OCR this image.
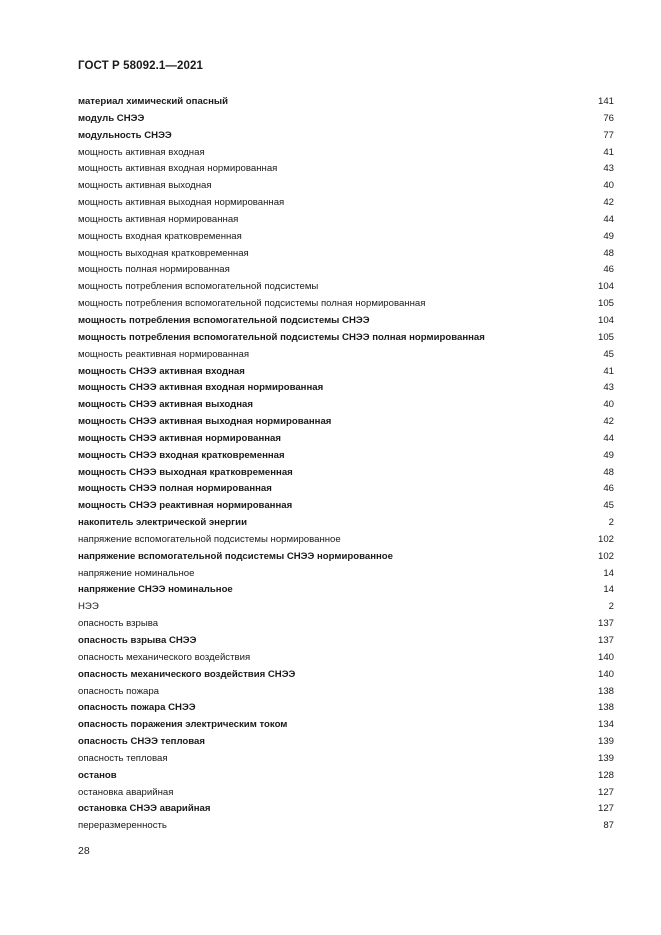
ГОСТ Р 58092.1—2021
материал химический опасный	141
модуль СНЭЭ	76
модульность СНЭЭ	77
мощность активная входная	41
мощность активная входная нормированная	43
мощность активная выходная	40
мощность активная выходная нормированная	42
мощность активная нормированная	44
мощность входная кратковременная	49
мощность выходная кратковременная	48
мощность полная нормированная	46
мощность потребления вспомогательной подсистемы	104
мощность потребления вспомогательной подсистемы полная нормированная	105
мощность потребления вспомогательной подсистемы СНЭЭ	104
мощность потребления вспомогательной подсистемы СНЭЭ полная нормированная	105
мощность реактивная нормированная	45
мощность СНЭЭ активная входная	41
мощность СНЭЭ активная входная нормированная	43
мощность СНЭЭ активная выходная	40
мощность СНЭЭ активная выходная нормированная	42
мощность СНЭЭ активная нормированная	44
мощность СНЭЭ входная кратковременная	49
мощность СНЭЭ выходная кратковременная	48
мощность СНЭЭ полная нормированная	46
мощность СНЭЭ реактивная нормированная	45
накопитель электрической энергии	2
напряжение вспомогательной подсистемы нормированное	102
напряжение вспомогательной подсистемы СНЭЭ нормированное	102
напряжение номинальное	14
напряжение СНЭЭ номинальное	14
НЭЭ	2
опасность взрыва	137
опасность взрыва СНЭЭ	137
опасность механического воздействия	140
опасность механического воздействия СНЭЭ	140
опасность пожара	138
опасность пожара СНЭЭ	138
опасность поражения электрическим током	134
опасность СНЭЭ тепловая	139
опасность тепловая	139
останов	128
остановка аварийная	127
остановка СНЭЭ аварийная	127
переразмеренность	87
28
